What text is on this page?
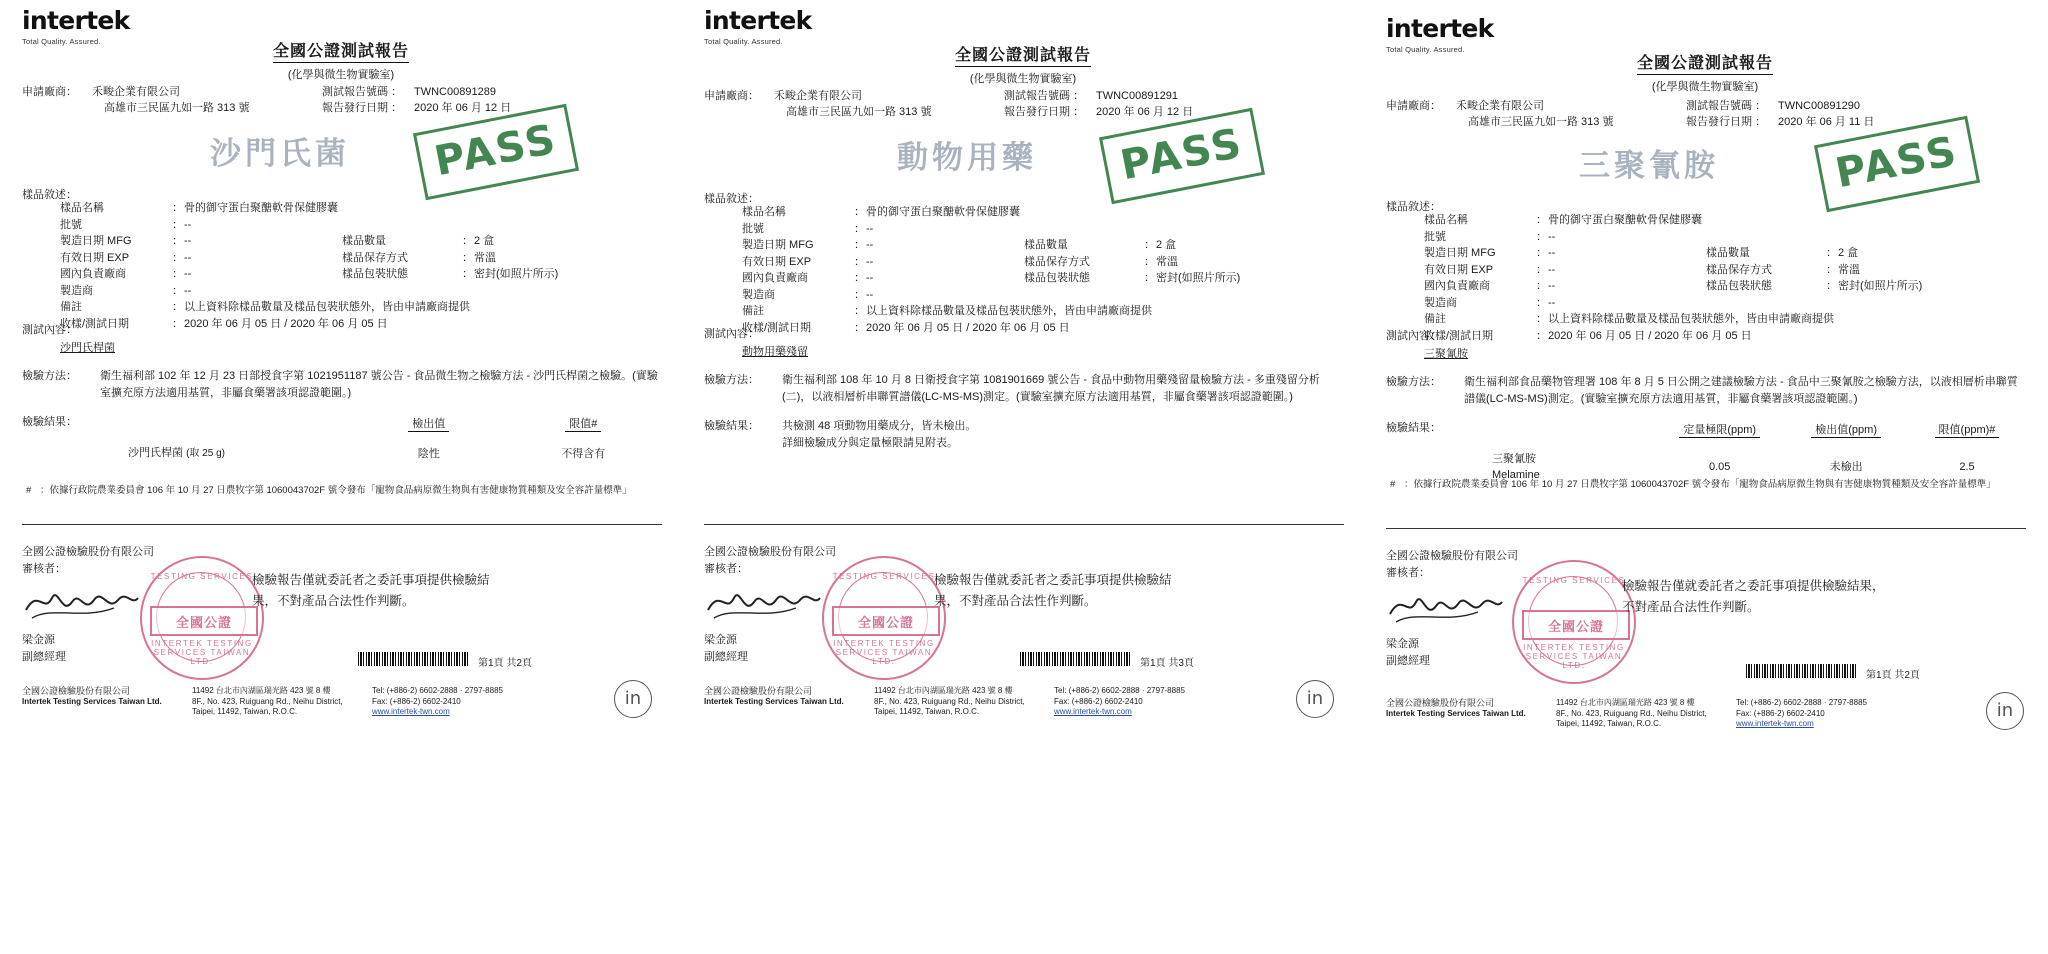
intertek
Total Quality. Assured.
全國公證測試報告
(化學與微生物實驗室)
申請廠商：	禾畯企業有限公司	測試報告號碼 ：	TWNC00891289
高雄市三民區九如一路 313 號	報告發行日期 ：	2020 年 06 月 12 日
沙門氏菌	PASS
樣品敘述：
樣品名稱	： 骨的御守蛋白聚醣軟骨保健膠囊
批號	： --
製造日期 MFG	： --	樣品數量	： 2 盒
有效日期 EXP	： --	樣品保存方式	： 常溫
國內負責廠商	： --	樣品包裝狀態	： 密封(如照片所示)
製造商	： --
備註	： 以上資料除樣品數量及樣品包裝狀態外，皆由申請廠商提供
收樣/測試日期	： 2020 年 06 月 05 日 / 2020 年 06 月 05 日
測試內容：
沙門氏桿菌
檢驗方法：	衛生福利部 102 年 12 月 23 日部授食字第 1021951187 號公告 - 食品微生物之檢驗方法 - 沙門氏桿菌之檢驗。(實驗室擴充原方法適用基質，非屬食藥署該項認證範圍。)
檢驗結果：
		檢出值	限值#
沙門氏桿菌 (取 25 g)	陰性	不得含有
# ：依據行政院農業委員會 106 年 10 月 27 日農牧字第 1060043702F 號令發布「寵物食品病原微生物與有害健康物質種類及安全容許量標準」
全國公證檢驗股份有限公司
審核者：
梁金源
副總經理
TESTING SERVICES
全國公證
INTERTEK TESTING SERVICES TAIWAN LTD.
檢驗報告僅就委託者之委託事項提供檢驗結果，不對產品合法性作判斷。
第1頁 共2頁
全國公證檢驗股份有限公司
Intertek Testing Services Taiwan Ltd.
11492 台北市內湖區瑞光路 423 號 8 樓
8F., No. 423, Ruiguang Rd., Neihu District,
Taipei, 11492, Taiwan, R.O.C.
Tel: (+886-2) 6602-2888 · 2797-8885
Fax: (+886-2) 6602-2410
www.intertek-twn.com
in
intertek
Total Quality. Assured.
全國公證測試報告
(化學與微生物實驗室)
申請廠商：	禾畯企業有限公司	測試報告號碼 ：	TWNC00891291
高雄市三民區九如一路 313 號	報告發行日期 ：	2020 年 06 月 12 日
動物用藥	PASS
樣品敘述：
樣品名稱	： 骨的御守蛋白聚醣軟骨保健膠囊
批號	： --
製造日期 MFG	： --	樣品數量	： 2 盒
有效日期 EXP	： --	樣品保存方式	： 常溫
國內負責廠商	： --	樣品包裝狀態	： 密封(如照片所示)
製造商	： --
備註	： 以上資料除樣品數量及樣品包裝狀態外，皆由申請廠商提供
收樣/測試日期	： 2020 年 06 月 05 日 / 2020 年 06 月 05 日
測試內容：
動物用藥殘留
檢驗方法：	衛生福利部 108 年 10 月 8 日衛授食字第 1081901669 號公告 - 食品中動物用藥殘留量檢驗方法 - 多重殘留分析(二)，以液相層析串聯質譜儀(LC-MS-MS)測定。(實驗室擴充原方法適用基質，非屬食藥署該項認證範圍。)
檢驗結果：	共檢測 48 項動物用藥成分，皆未檢出。
詳細檢驗成分與定量極限請見附表。
全國公證檢驗股份有限公司
審核者：
梁金源
副總經理
TESTING SERVICES
全國公證
INTERTEK TESTING SERVICES TAIWAN LTD.
檢驗報告僅就委託者之委託事項提供檢驗結果，不對產品合法性作判斷。
第1頁 共3頁
全國公證檢驗股份有限公司
Intertek Testing Services Taiwan Ltd.
11492 台北市內湖區瑞光路 423 號 8 樓
8F., No. 423, Ruiguang Rd., Neihu District,
Taipei, 11492, Taiwan, R.O.C.
Tel: (+886-2) 6602-2888 · 2797-8885
Fax: (+886-2) 6602-2410
www.intertek-twn.com
in
intertek
Total Quality. Assured.
全國公證測試報告
(化學與微生物實驗室)
申請廠商：	禾畯企業有限公司	測試報告號碼 ：	TWNC00891290
高雄市三民區九如一路 313 號	報告發行日期 ：	2020 年 06 月 11 日
三聚氰胺	PASS
樣品敘述：
樣品名稱	： 骨的御守蛋白聚醣軟骨保健膠囊
批號	： --
製造日期 MFG	： --	樣品數量	： 2 盒
有效日期 EXP	： --	樣品保存方式	： 常溫
國內負責廠商	： --	樣品包裝狀態	： 密封(如照片所示)
製造商	： --
備註	： 以上資料除樣品數量及樣品包裝狀態外，皆由申請廠商提供
收樣/測試日期	： 2020 年 06 月 05 日 / 2020 年 06 月 05 日
測試內容：
三聚氰胺
檢驗方法：	衛生福利部食品藥物管理署 108 年 8 月 5 日公開之建議檢驗方法 - 食品中三聚氰胺之檢驗方法，以液相層析串聯質譜儀(LC-MS-MS)測定。(實驗室擴充原方法適用基質，非屬食藥署該項認證範圍。)
檢驗結果：
		定量極限(ppm)	檢出值(ppm)	限值(ppm)#

三聚氰胺
Melamine	0.05	未檢出	2.5
# ：依據行政院農業委員會 106 年 10 月 27 日農牧字第 1060043702F 號令發布「寵物食品病原微生物與有害健康物質種類及安全容許量標準」
全國公證檢驗股份有限公司
審核者：
梁金源
副總經理
TESTING SERVICES
全國公證
INTERTEK TESTING SERVICES TAIWAN LTD.
檢驗報告僅就委託者之委託事項提供檢驗結果，不對產品合法性作判斷。
第1頁 共2頁
全國公證檢驗股份有限公司
Intertek Testing Services Taiwan Ltd.
11492 台北市內湖區瑞光路 423 號 8 樓
8F., No. 423, Ruiguang Rd., Neihu District,
Taipei, 11492, Taiwan, R.O.C.
Tel: (+886-2) 6602-2888 · 2797-8885
Fax: (+886-2) 6602-2410
www.intertek-twn.com
in
